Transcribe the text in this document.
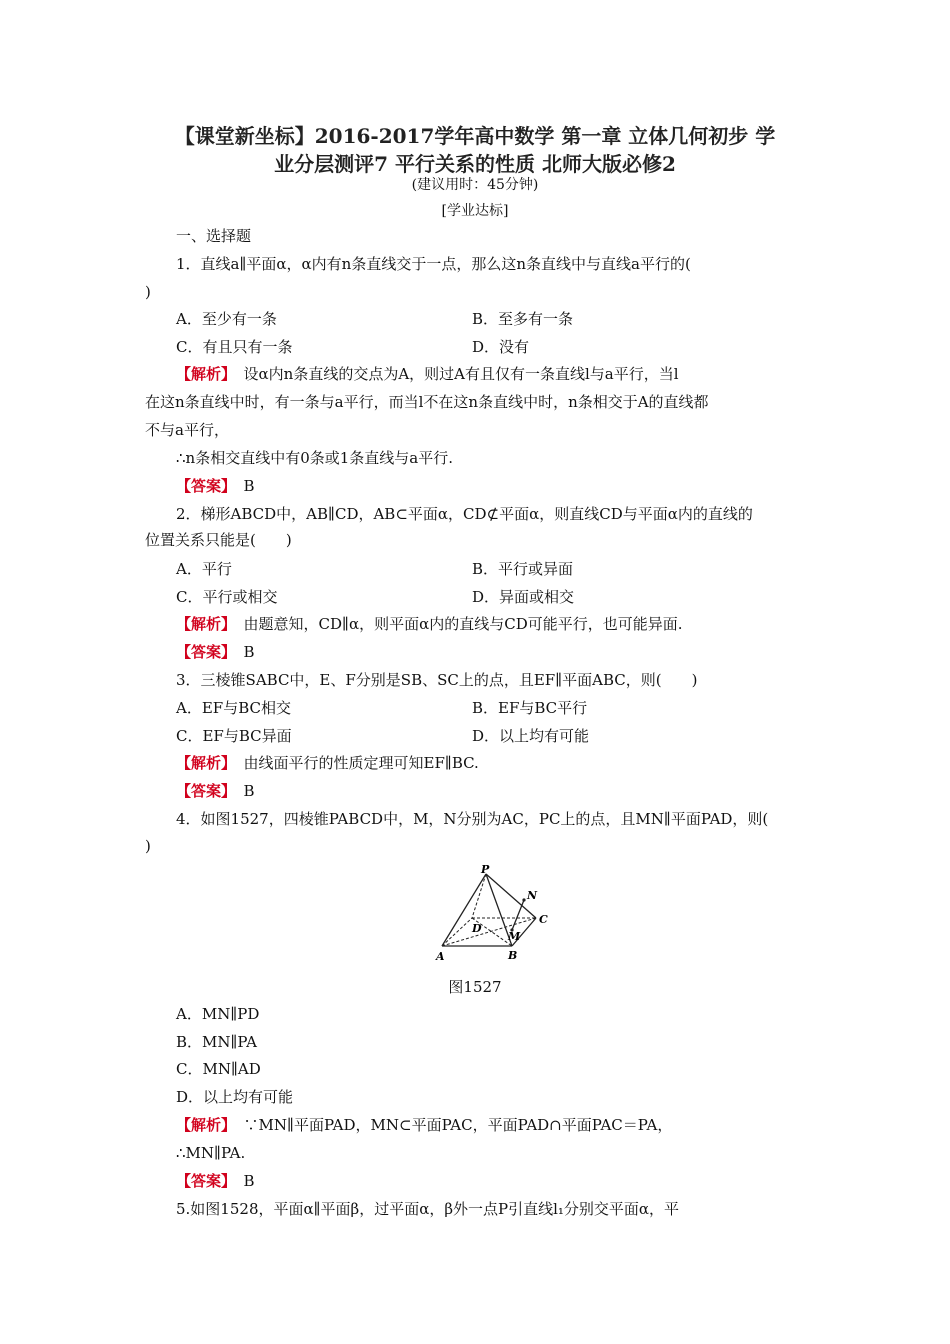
【课堂新坐标】2016-2017学年高中数学 第一章 立体几何初步 学
业分层测评7 平行关系的性质 北师大版必修2
(建议用时：45分钟)
[学业达标]
一、选择题
1．直线a∥平面α，α内有n条直线交于一点，那么这n条直线中与直线a平行的(
)
A．至少有一条	B．至多有一条
C．有且只有一条	D．没有
【解析】　 设α内n条直线的交点为A，则过A有且仅有一条直线l与a平行，当l
在这n条直线中时，有一条与a平行，而当l不在这n条直线中时，n条相交于A的直线都
不与a平行，
∴n条相交直线中有0条或1条直线与a平行.
【答案】　 B
2．梯形ABCD中，AB∥CD，AB⊂平面α，CD⊄平面α，则直线CD与平面α内的直线的
位置关系只能是(　　)
A．平行	B．平行或异面
C．平行或相交	D．异面或相交
【解析】　 由题意知，CD∥α，则平面α内的直线与CD可能平行，也可能异面.
【答案】　 B
3．三棱锥SABC中，E、F分别是SB、SC上的点，且EF∥平面ABC，则(　　)
A．EF与BC相交	B．EF与BC平行
C．EF与BC异面	D．以上均有可能
【解析】　 由线面平行的性质定理可知EF∥BC.
【答案】　 B
4．如图1527，四棱锥PABCD中，M，N分别为AC，PC上的点，且MN∥平面PAD，则(
)
P
N
C
D
M
A	B
图1527
A．MN∥PD
B．MN∥PA
C．MN∥AD
D．以上均有可能
【解析】　 ∵MN∥平面PAD，MN⊂平面PAC，平面PAD∩平面PAC＝PA，
∴MN∥PA.
【答案】　 B
5.如图1528，平面α∥平面β，过平面α，β外一点P引直线l₁分别交平面α，平
